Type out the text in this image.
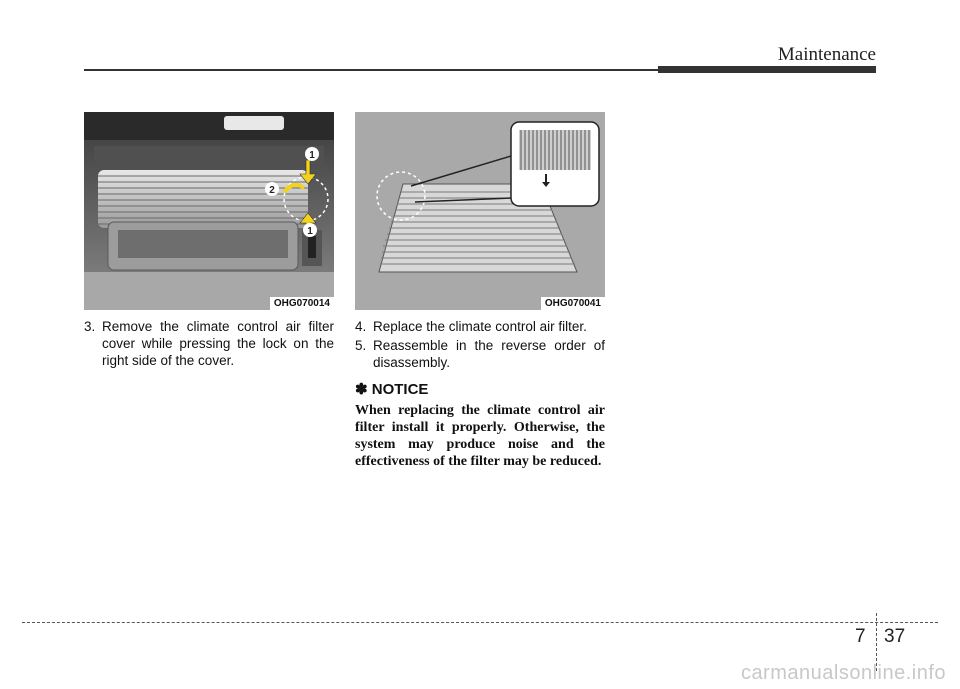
Maintenance
1
2
1
OHG070014	OHG070041
3. Remove the climate control air filter cover while pressing the lock on the right side of the cover.
4. Replace the climate control air filter.
5. Reassemble in the reverse order of disassembly.
✽ NOTICE
When replacing the climate control air filter install it properly. Otherwise, the system may produce noise and the effectiveness of the filter may be reduced.
7 37
carmanualsonline.info
